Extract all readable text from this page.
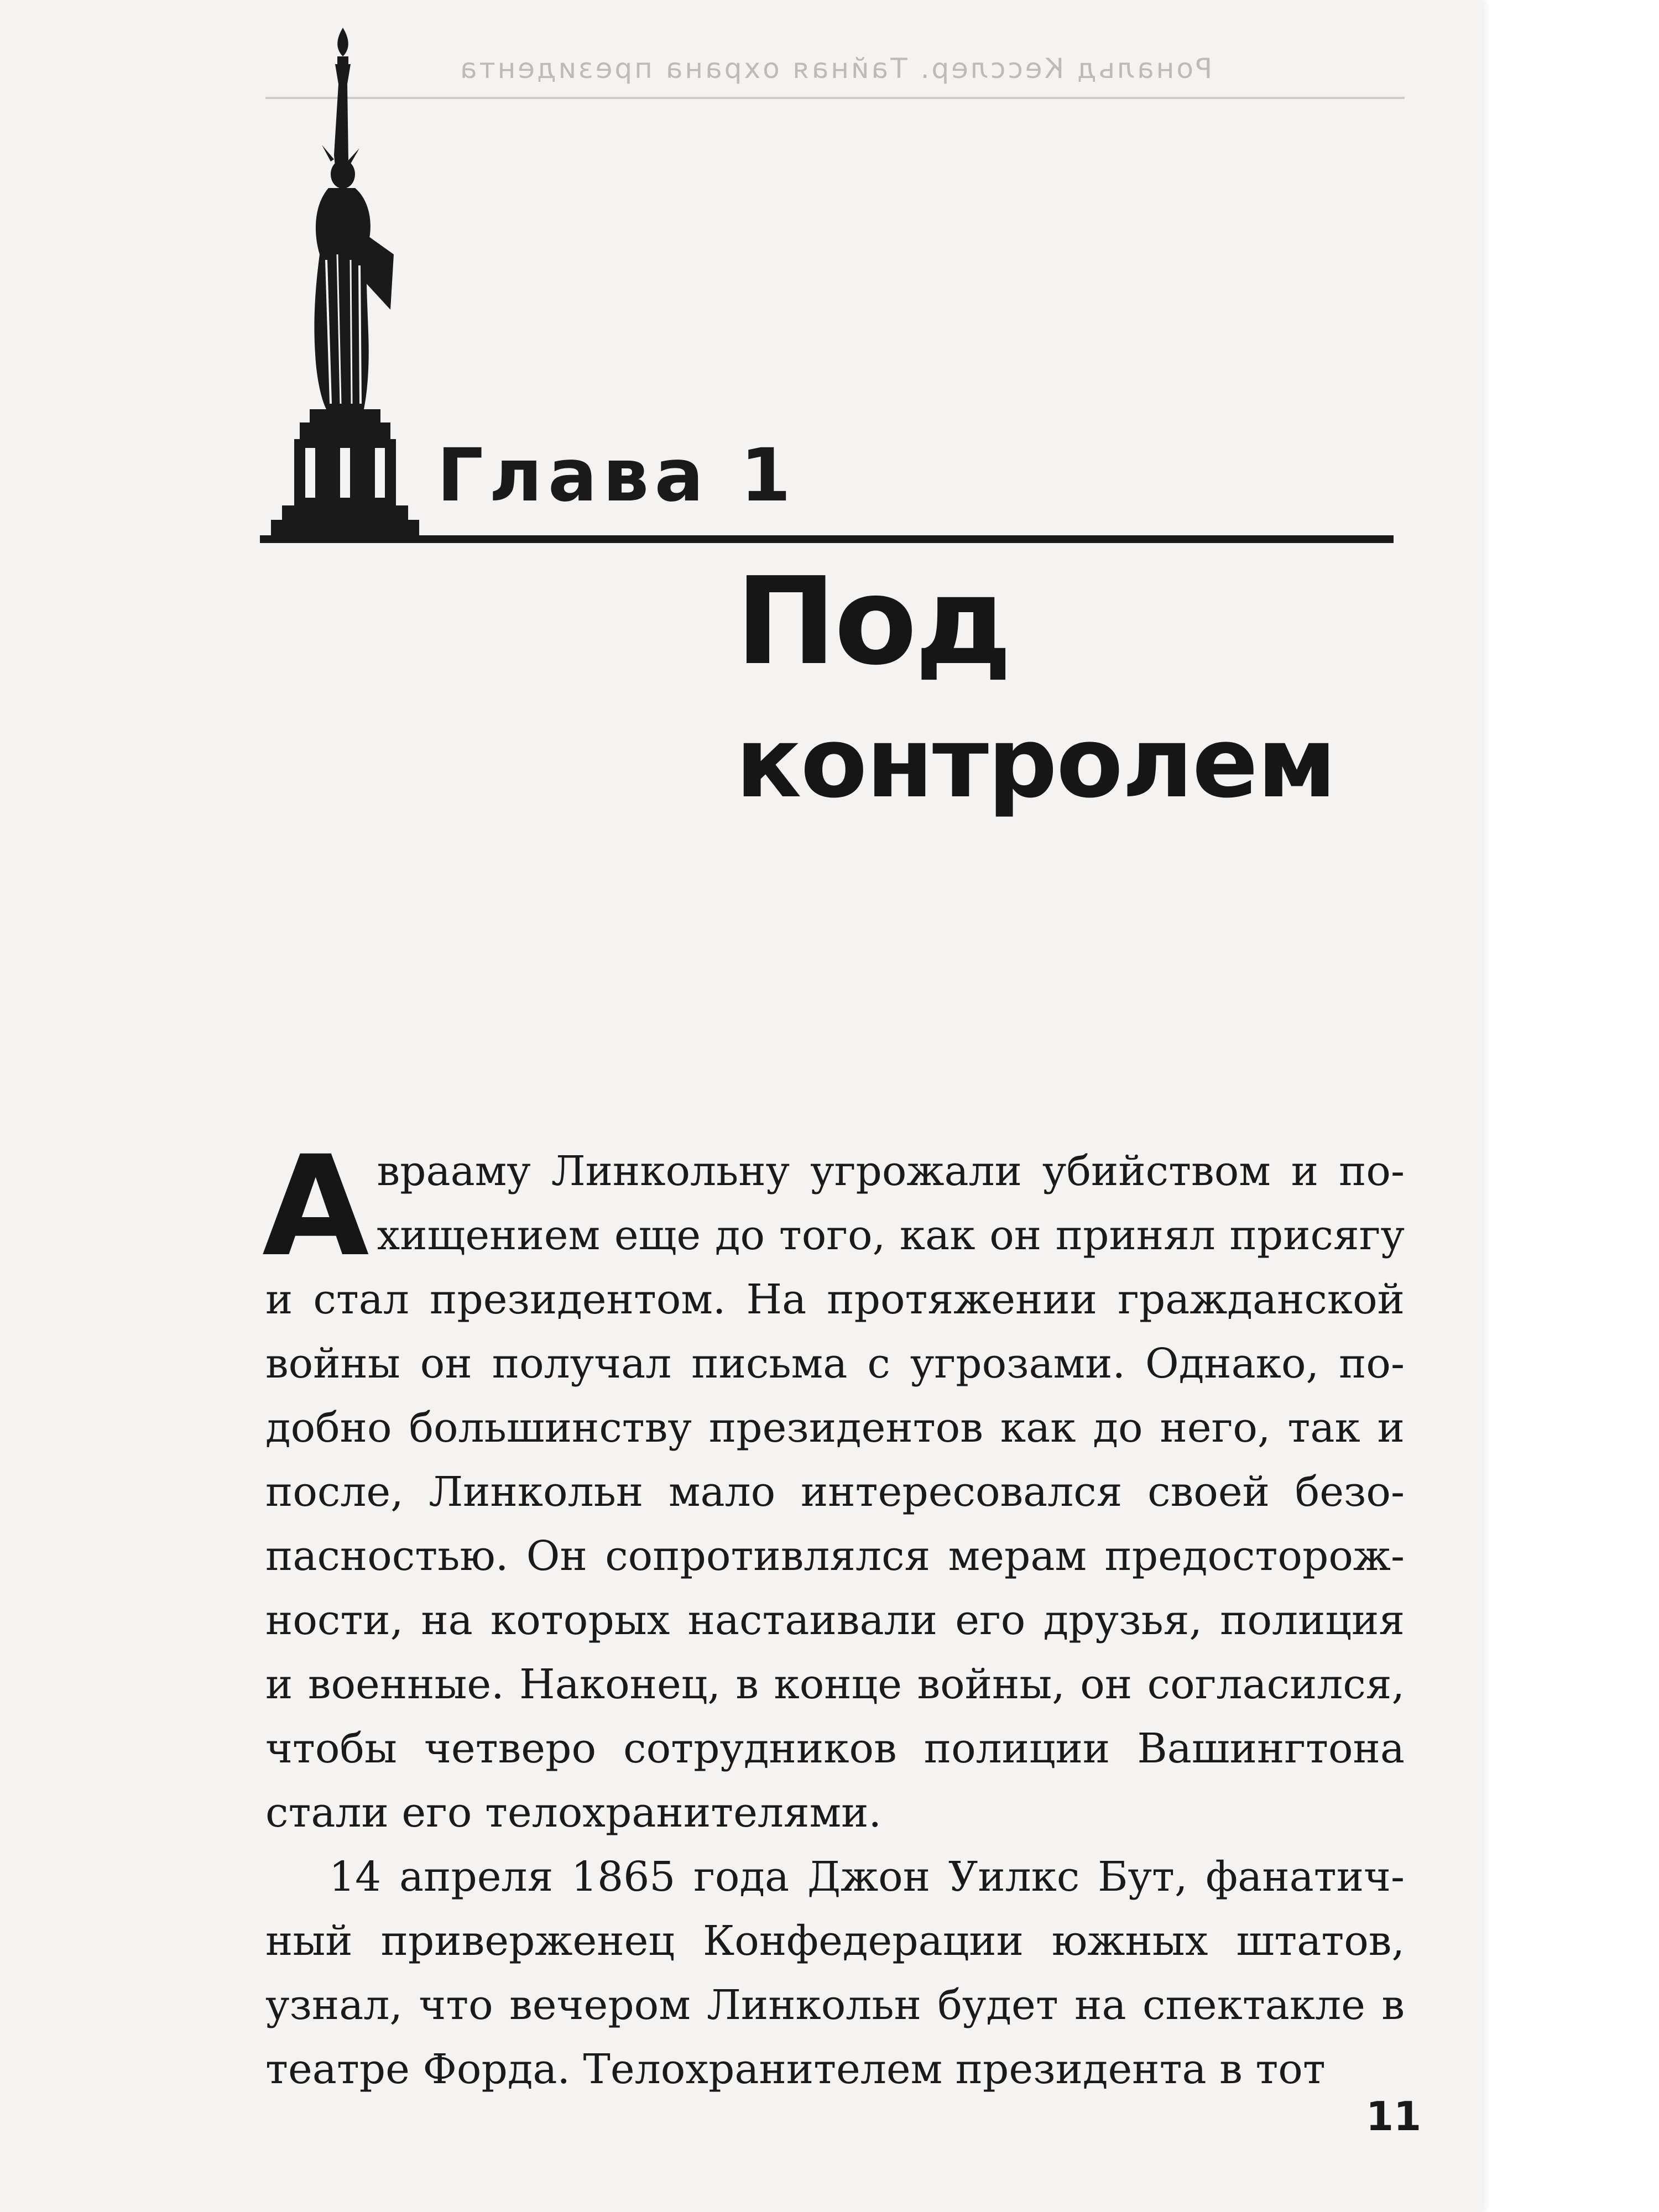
Рональд Кесслер. Тайная охрана президента
Глава 1
Под
контролем

Аврааму Линкольну угрожали убийством и похищением еще до того, как он принял присягу и стал президентом. На протяжении гражданской войны он получал письма с угрозами. Однако, подобно большинству президентов как до него, так и после, Линкольн мало интересовался своей безопасностью. Он сопротивлялся мерам предосторожности, на которых настаивали его друзья, полиция и военные. Наконец, в конце войны, он согласился, чтобы четверо сотрудников полиции Вашингтона стали его телохранителями.

14 апреля 1865 года Джон Уилкс Бут, фанатичный приверженец Конфедерации южных штатов, узнал, что вечером Линкольн будет на спектакле в театре Форда. Телохранителем президента в тот

11
